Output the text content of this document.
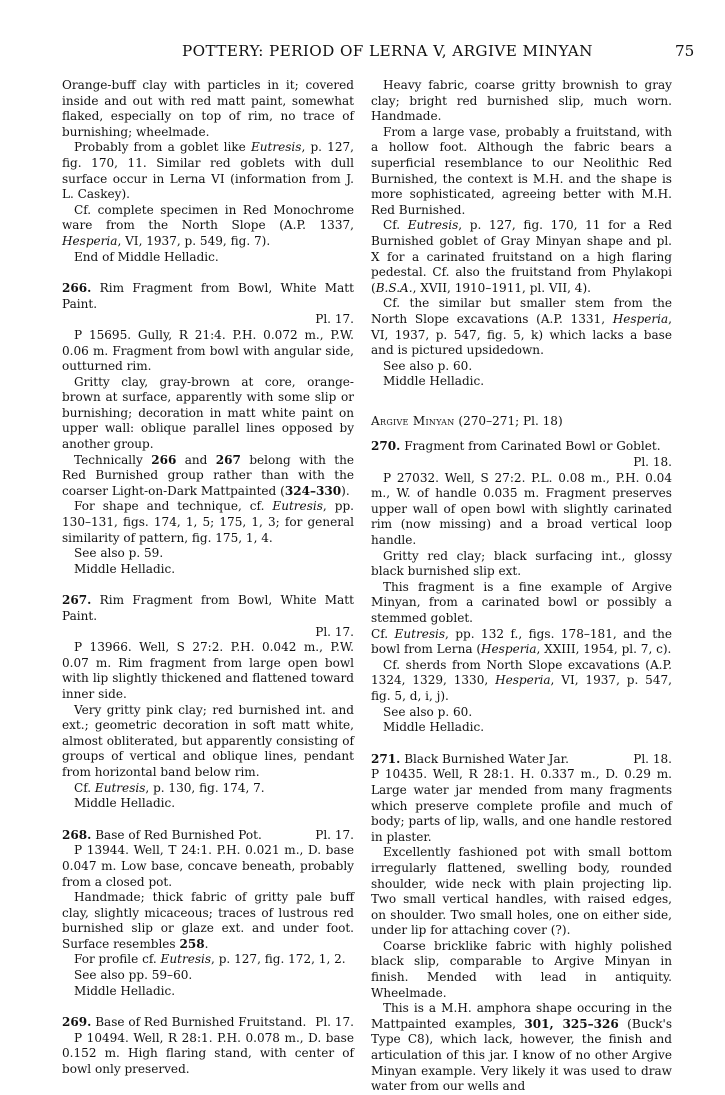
POTTERY: PERIOD OF LERNA V, ARGIVE MINYAN	75

Orange-buff clay with particles in it; covered inside and out with red matt paint, somewhat flaked, especially on top of rim, no trace of burnishing; wheelmade.

Probably from a goblet like Eutresis, p. 127, fig. 170, 11. Similar red goblets with dull surface occur in Lerna VI (information from J. L. Caskey).

Cf. complete specimen in Red Monochrome ware from the North Slope (A.P. 1337, Hesperia, VI, 1937, p. 549, fig. 7).

End of Middle Helladic.

266. Rim Fragment from Bowl, White Matt Paint.

Pl. 17.

P 15695. Gully, R 21:4. P.H. 0.072 m., P.W. 0.06 m. Fragment from bowl with angular side, outturned rim.

Gritty clay, gray-brown at core, orange-brown at surface, apparently with some slip or burnishing; decoration in matt white paint on upper wall: oblique parallel lines opposed by another group.

Technically 266 and 267 belong with the Red Burnished group rather than with the coarser Light-on-Dark Mattpainted (324–330).

For shape and technique, cf. Eutresis, pp. 130–131, figs. 174, 1, 5; 175, 1, 3; for general similarity of pattern, fig. 175, 1, 4.

See also p. 59.

Middle Helladic.

267. Rim Fragment from Bowl, White Matt Paint.

Pl. 17.

P 13966. Well, S 27:2. P.H. 0.042 m., P.W. 0.07 m. Rim fragment from large open bowl with lip slightly thickened and flattened toward inner side.

Very gritty pink clay; red burnished int. and ext.; geometric decoration in soft matt white, almost obliterated, but apparently consisting of groups of vertical and oblique lines, pendant from horizontal band below rim.

Cf. Eutresis, p. 130, fig. 174, 7.

Middle Helladic.

268. Base of Red Burnished Pot.	Pl. 17.

P 13944. Well, T 24:1. P.H. 0.021 m., D. base 0.047 m. Low base, concave beneath, probably from a closed pot.

Handmade; thick fabric of gritty pale buff clay, slightly micaceous; traces of lustrous red burnished slip or glaze ext. and under foot. Surface resembles 258.

For profile cf. Eutresis, p. 127, fig. 172, 1, 2.

See also pp. 59–60.

Middle Helladic.

269. Base of Red Burnished Fruitstand. Pl. 17.

P 10494. Well, R 28:1. P.H. 0.078 m., D. base 0.152 m. High flaring stand, with center of bowl only preserved.

Heavy fabric, coarse gritty brownish to gray clay; bright red burnished slip, much worn. Handmade.

From a large vase, probably a fruitstand, with a hollow foot. Although the fabric bears a superficial resemblance to our Neolithic Red Burnished, the context is M.H. and the shape is more sophisticated, agreeing better with M.H. Red Burnished.

Cf. Eutresis, p. 127, fig. 170, 11 for a Red Burnished goblet of Gray Minyan shape and pl. X for a carinated fruitstand on a high flaring pedestal. Cf. also the fruitstand from Phylakopi (B.S.A., XVII, 1910–1911, pl. VII, 4).

Cf. the similar but smaller stem from the North Slope excavations (A.P. 1331, Hesperia, VI, 1937, p. 547, fig. 5, k) which lacks a base and is pictured upsidedown.

See also p. 60.

Middle Helladic.

Argive Minyan (270–271; Pl. 18)

270. Fragment from Carinated Bowl or Goblet.

Pl. 18.

P 27032. Well, S 27:2. P.L. 0.08 m., P.H. 0.04 m., W. of handle 0.035 m. Fragment preserves upper wall of open bowl with slightly carinated rim (now missing) and a broad vertical loop handle.

Gritty red clay; black surfacing int., glossy black burnished slip ext.

This fragment is a fine example of Argive Minyan, from a carinated bowl or possibly a stemmed goblet.

Cf. Eutresis, pp. 132 f., figs. 178–181, and the bowl from Lerna (Hesperia, XXIII, 1954, pl. 7, c).

Cf. sherds from North Slope excavations (A.P. 1324, 1329, 1330, Hesperia, VI, 1937, p. 547, fig. 5, d, i, j).

See also p. 60.

Middle Helladic.

271. Black Burnished Water Jar.	Pl. 18.

P 10435. Well, R 28:1. H. 0.337 m., D. 0.29 m. Large water jar mended from many fragments which preserve complete profile and much of body; parts of lip, walls, and one handle restored in plaster.

Excellently fashioned pot with small bottom irregularly flattened, swelling body, rounded shoulder, wide neck with plain projecting lip. Two small vertical handles, with raised edges, on shoulder. Two small holes, one on either side, under lip for attaching cover (?).

Coarse bricklike fabric with highly polished black slip, comparable to Argive Minyan in finish. Mended with lead in antiquity. Wheelmade.

This is a M.H. amphora shape occuring in the Mattpainted examples, 301, 325–326 (Buck's Type C8), which lack, however, the finish and articulation of this jar. I know of no other Argive Minyan example. Very likely it was used to draw water from our wells and
